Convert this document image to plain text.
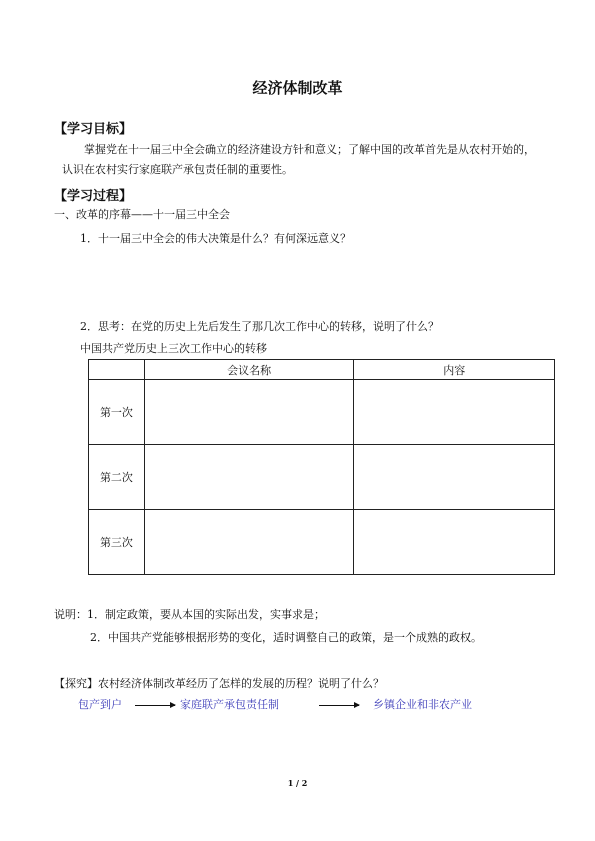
经济体制改革
【学习目标】
掌握党在十一届三中全会确立的经济建设方针和意义；了解中国的改革首先是从农村开始的，认识在农村实行家庭联产承包责任制的重要性。
【学习过程】
一、改革的序幕——十一届三中全会
1．十一届三中全会的伟大决策是什么？有何深远意义？
2．思考：在党的历史上先后发生了那几次工作中心的转移，说明了什么？
中国共产党历史上三次工作中心的转移
	会议名称	内容
第一次		
第二次		
第三次		
说明：1．制定政策，要从本国的实际出发，实事求是；
2．中国共产党能够根据形势的变化，适时调整自己的政策，是一个成熟的政权。
【探究】农村经济体制改革经历了怎样的发展的历程？说明了什么？
包产到户	家庭联产承包责任制	乡镇企业和非农产业
1 / 2
